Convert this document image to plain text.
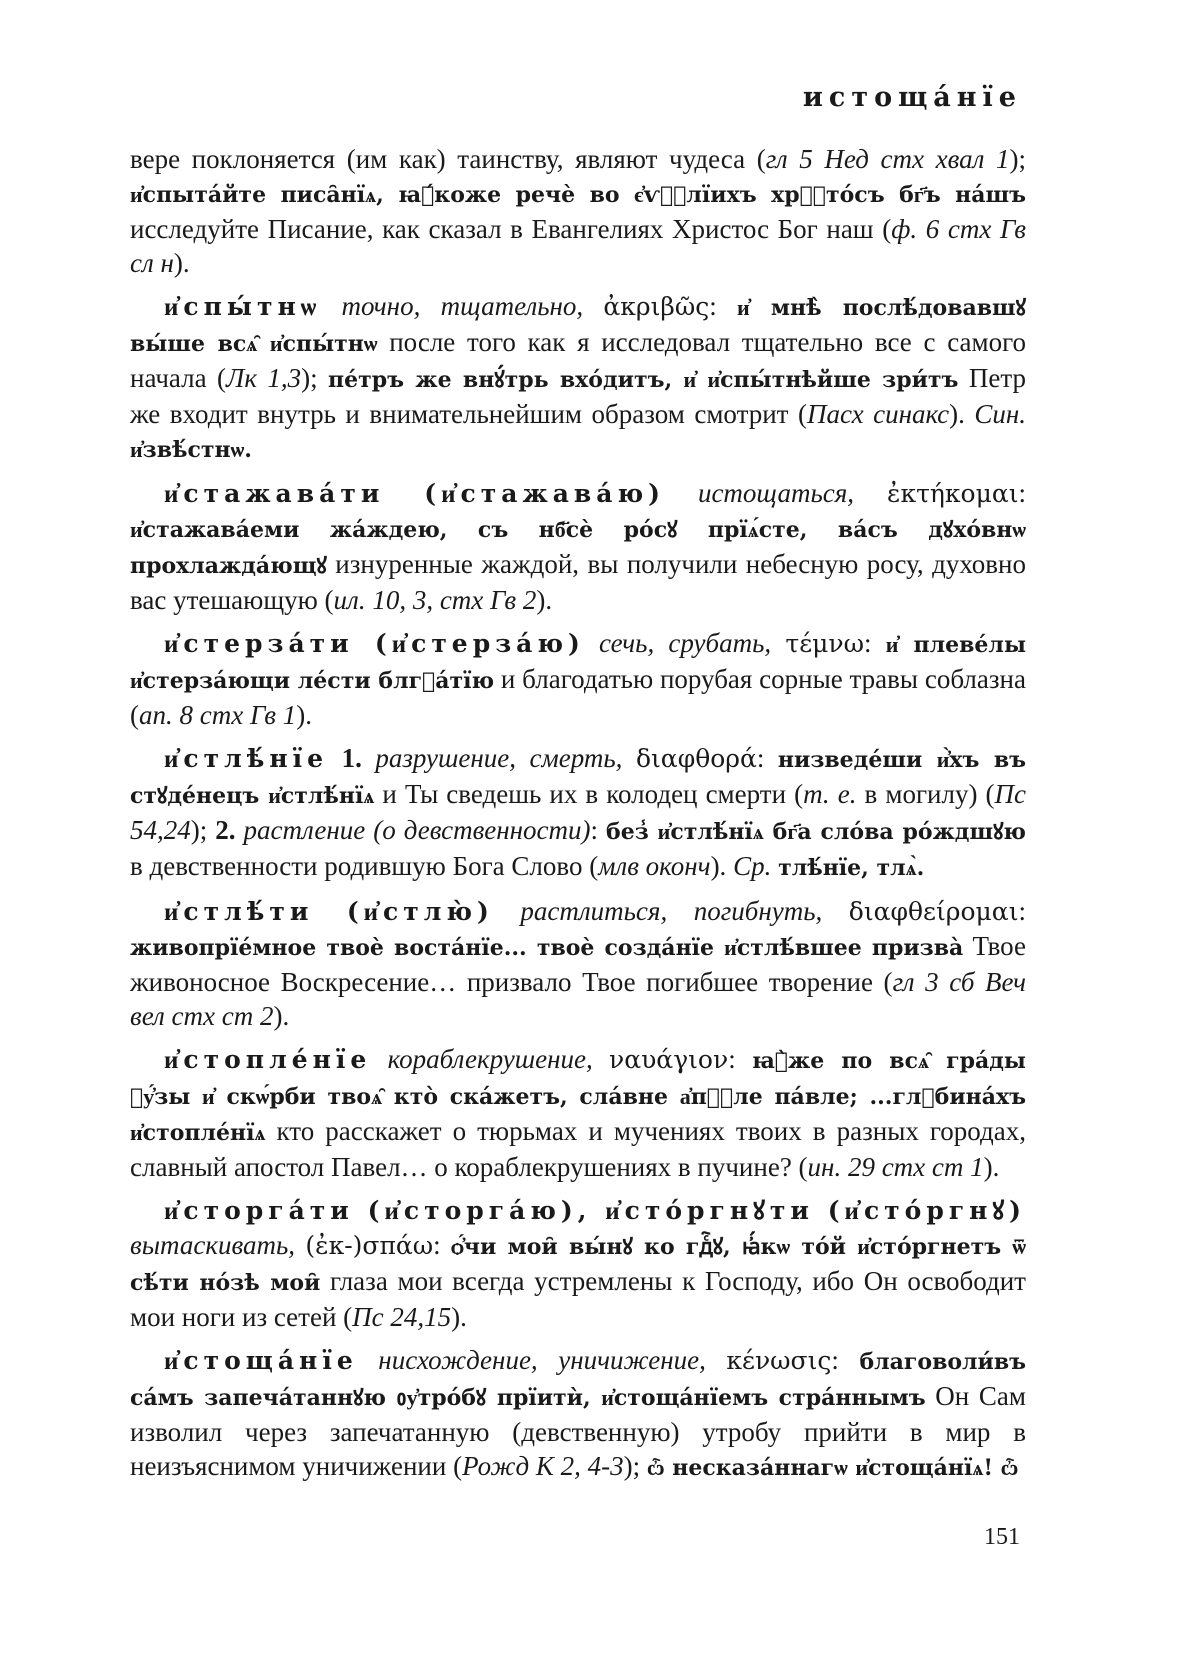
истоща́нїе

вере поклоняется (им как) таинству, являют чудеса (гл 5 Нед стх хвал 1); и҆спыта́йте писа̑нїѧ, ꙗ҆́коже речѐ во є҆ѵⷢ҇лїихъ хрⷭ҇то́съ бг҃ъ на́шъ исследуйте Писание, как сказал в Евангелиях Христос Бог наш (ф. 6 стх Гв сл н).

и҆спы́тнѡ точно, тщательно, ἀκριβῶς: и҆ мнѣ̀ послѣ́довавшꙋ вы́ше всѧ̑ и҆спы́тнѡ после того как я исследовал тщательно все с самого начала (Лк 1,3); пе́тръ же внꙋ́трь вхо́дитъ, и҆ и҆спы́тнѣйше зри́тъ Петр же входит внутрь и внимательнейшим образом смотрит (Пасх синакс). Син. и҆звѣ́стнѡ.

и҆стажава́ти (и҆стажава́ю) истощаться, ἐκτήκομαι: и҆стажава́еми жа́ждею, съ нб҃сѐ ро́сꙋ прїѧ́сте, ва́съ дꙋхо́внѡ прохлажда́ющꙋ изнуренные жаждой, вы получили небесную росу, духовно вас утешающую (ил. 10, 3, стх Гв 2).

и҆стерза́ти (и҆стерза́ю) сечь, срубать, τέμνω: и҆ плеве́лы и҆стерза́ющи ле́сти блгⷣа́тїю и благодатью порубая сорные травы соблазна (ап. 8 стх Гв 1).

и҆стлѣ́нїе 1. разрушение, смерть, διαφθορά: низведе́ши и҆̀хъ въ стꙋде́нецъ и҆стлѣ́нїѧ и Ты сведешь их в колодец смерти (т. е. в могилу) (Пс 54,24); 2. растление (о девственности): без̾ и҆стлѣ́нїѧ бг҃а сло́ва ро́ждшꙋю в девственности родившую Бога Слово (млв оконч). Ср. тлѣ́нїе, тлѧ̀.

и҆стлѣ́ти (и҆стлю̀) растлиться, погибнуть, διαφθείρομαι: живопрїе́мное твоѐ воста́нїе... твоѐ созда́нїе и҆стлѣ́вшее призва̀ Твое живоносное Воскресение… призвало Твое погибшее творение (гл 3 сб Веч вел стх ст 2).

и҆стопле́нїе кораблекрушение, ναυάγιον: ꙗ҆̀же по всѧ̑ гра́ды ᲂу҆́зы и҆ скѡ́рби твоѧ̑ кто̀ ска́жетъ, сла́вне а҆пⷭ҇ле па́вле; ...глꙋбина́хъ и҆стопле́нїѧ кто расскажет о тюрьмах и мучениях твоих в разных городах, славный апостол Павел… о кораблекрушениях в пучине? (ин. 29 стх ст 1).

и҆сторга́ти (и҆сторга́ю), и҆сто́ргнꙋти (и҆сто́ргнꙋ) вытаскивать, (ἐκ-)σπάω: ѻ҆́чи мои̑ вы́нꙋ ко гдⷭ҇ꙋ, ꙗ҆́кѡ то́й и҆сто́ргнетъ ѿ сѣ́ти но́зѣ мои̑ глаза мои всегда устремлены к Господу, ибо Он освободит мои ноги из сетей (Пс 24,15).

и҆стоща́нїе нисхождение, уничижение, κένωσις: благоволи́въ са́мъ запеча́таннꙋю ᲂу҆тро́бꙋ прїитѝ, и҆стоща́нїемъ стра́ннымъ Он Сам изволил через запечатанную (девственную) утробу прийти в мир в неизъяснимом уничижении (Рожд К 2, 4-3); ѽ несказа́ннагѡ и҆стоща́нїѧ! ѽ

151
